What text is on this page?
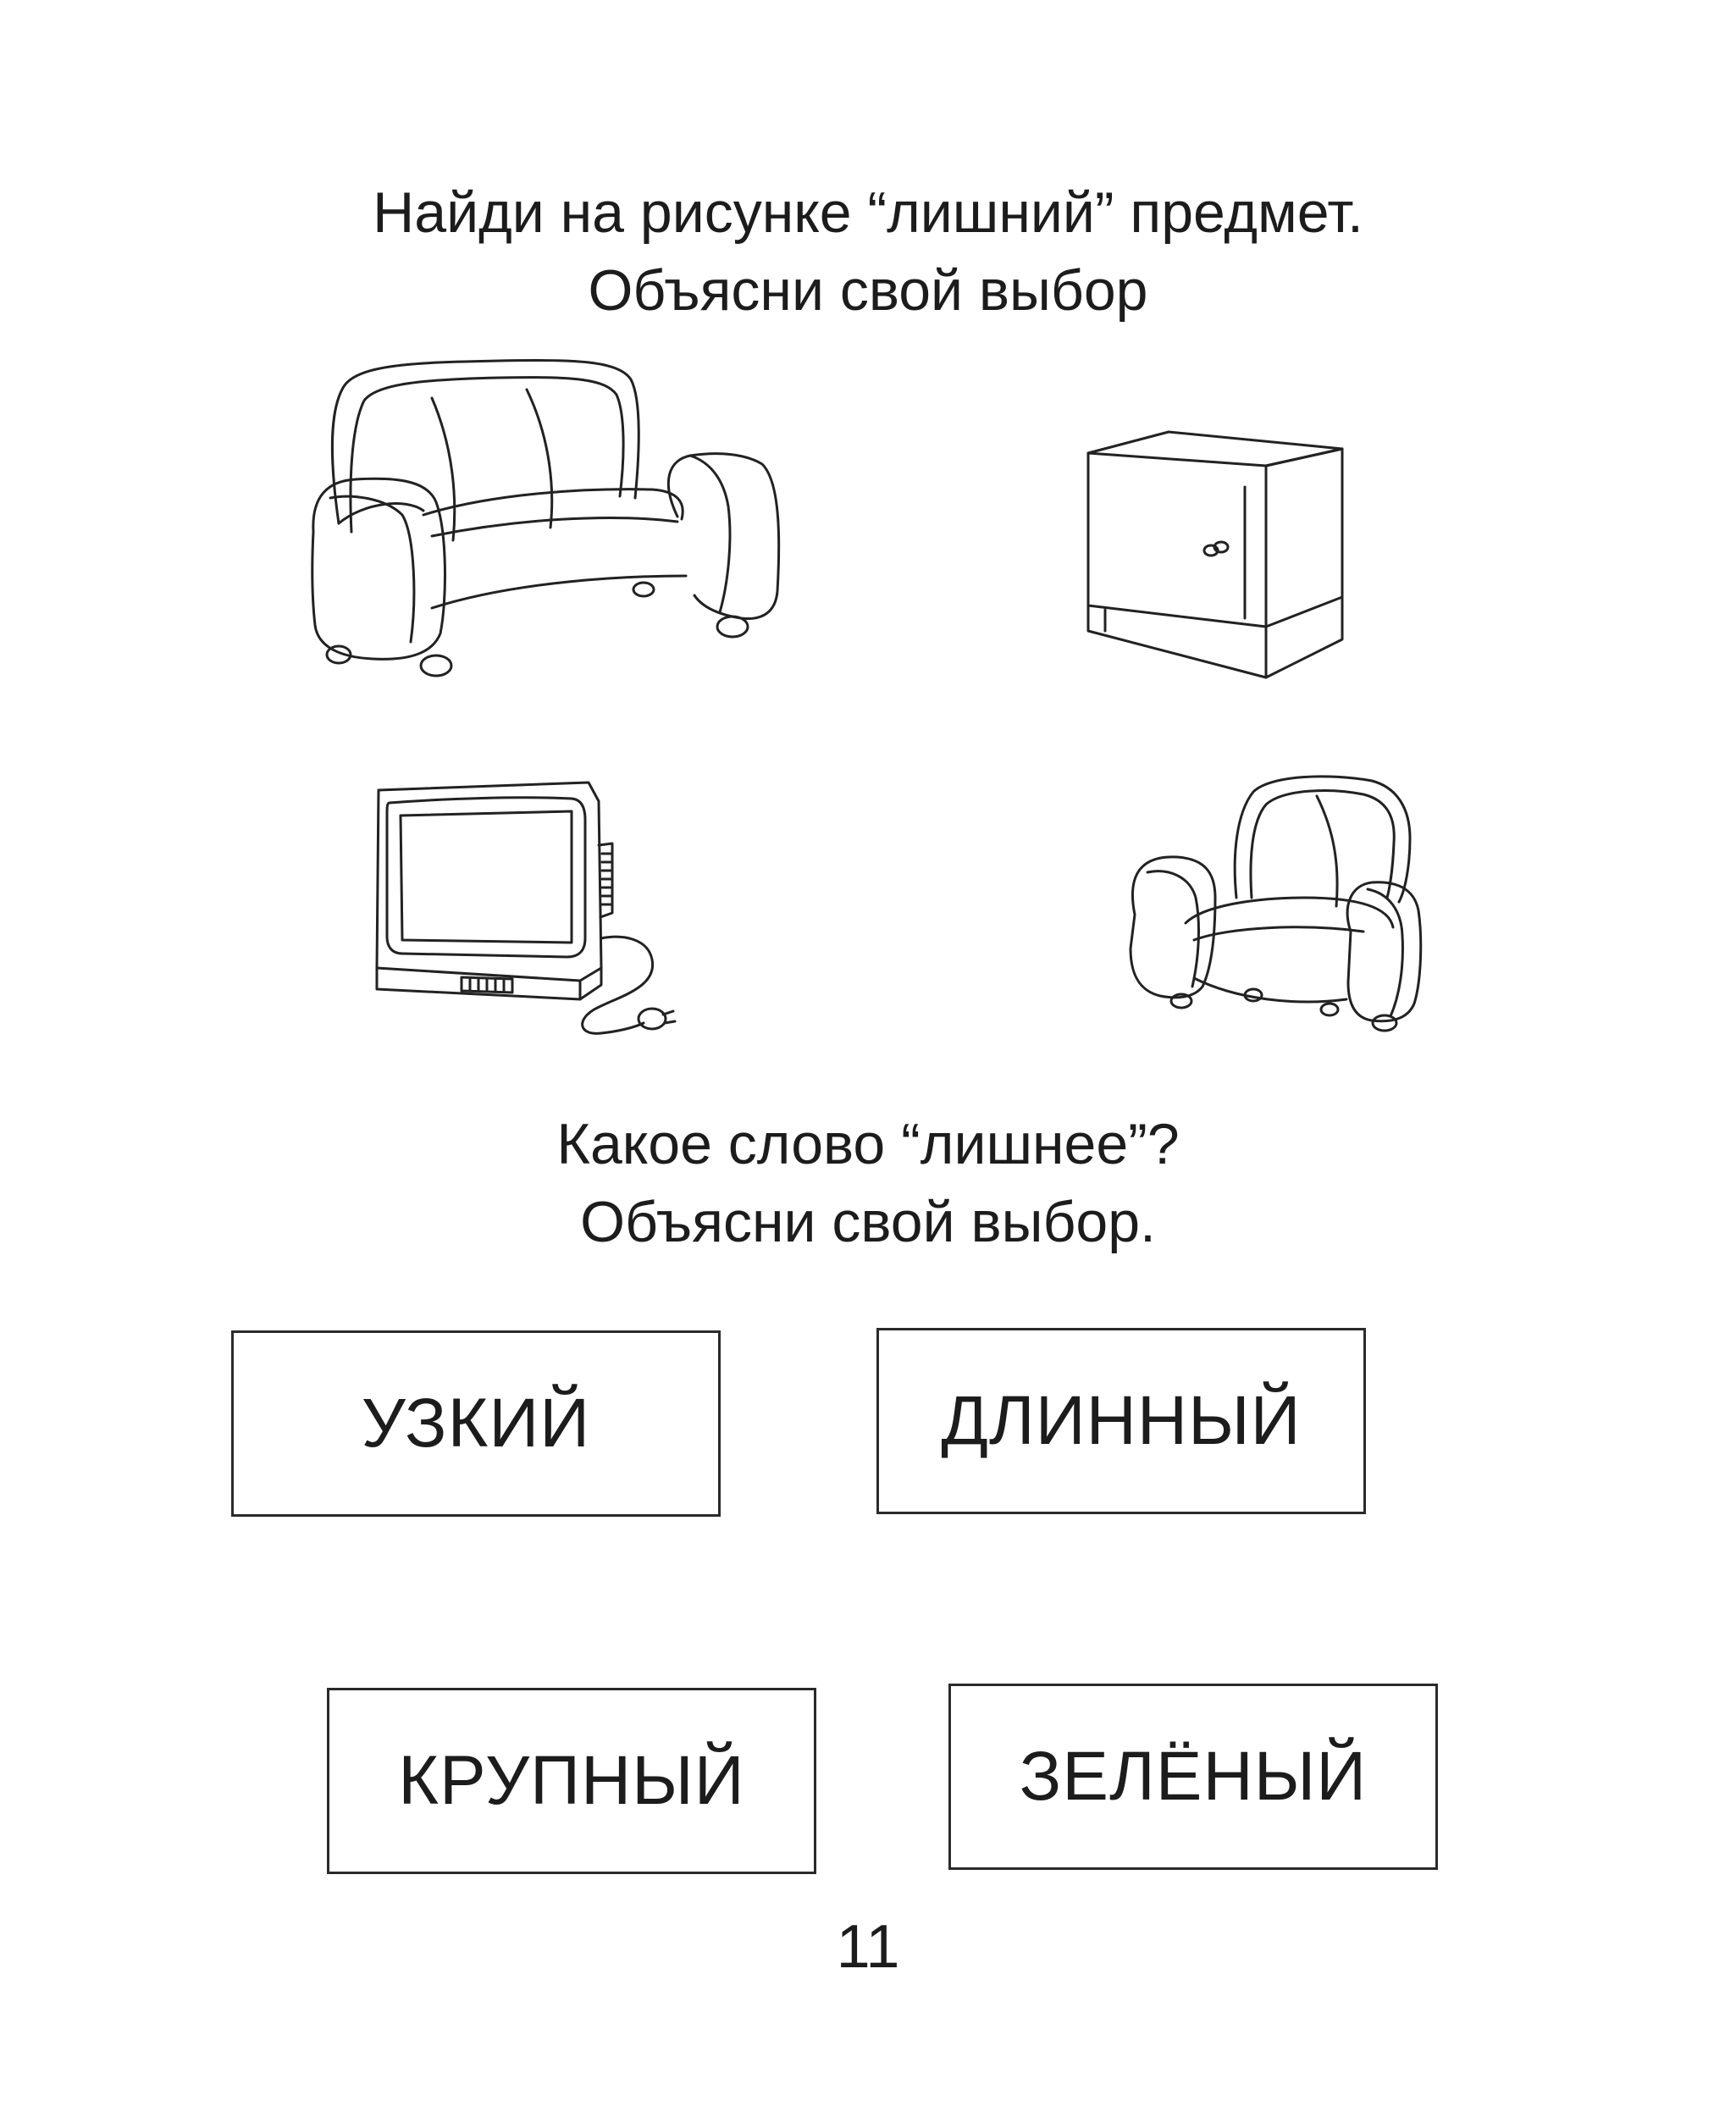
Найди на рисунке “лишний” предмет.
Объясни свой выбор
Какое слово “лишнее”?
Объясни свой выбор.
УЗКИЙ	ДЛИННЫЙ
КРУПНЫЙ	ЗЕЛЁНЫЙ
11
